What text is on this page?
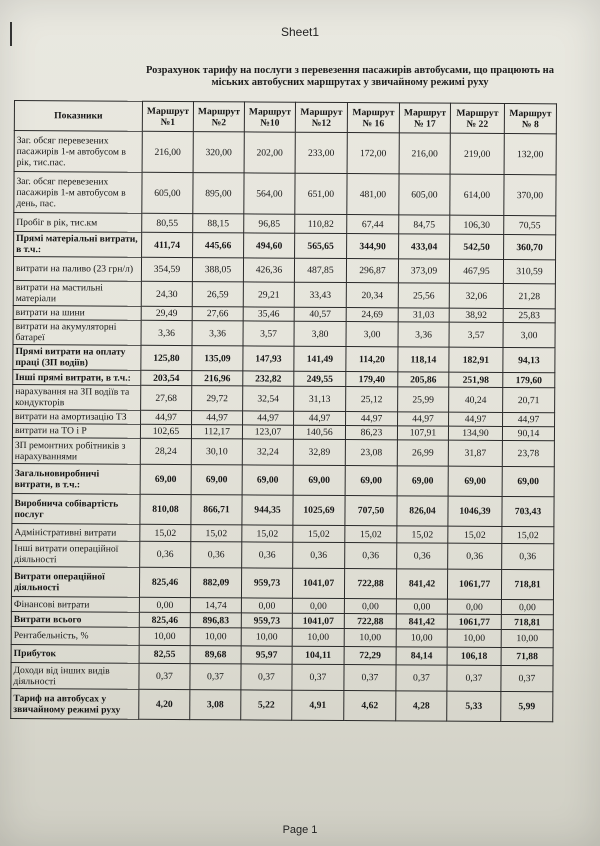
Sheet1
Розрахунок тарифу на послуги з перевезення пасажирів автобусами, що працюють на
міських автобусних маршрутах у звичайному режимі руху
Показники	Маршрут №1	Маршрут №2	Маршрут №10	Маршрут №12	Маршрут № 16	Маршрут № 17	Маршрут № 22	Маршрут № 8
Заг. обсяг перевезених пасажирів 1-м автобусом в рік, тис.пас.	216,00	320,00	202,00	233,00	172,00	216,00	219,00	132,00
Заг. обсяг перевезених пасажирів 1-м автобусом в день, пас.	605,00	895,00	564,00	651,00	481,00	605,00	614,00	370,00
Пробіг в рік, тис.км	80,55	88,15	96,85	110,82	67,44	84,75	106,30	70,55
Прямі матеріальні витрати, в т.ч.:	411,74	445,66	494,60	565,65	344,90	433,04	542,50	360,70
витрати на паливо (23 грн/л)	354,59	388,05	426,36	487,85	296,87	373,09	467,95	310,59
витрати на мастильні матеріали	24,30	26,59	29,21	33,43	20,34	25,56	32,06	21,28
витрати на шини	29,49	27,66	35,46	40,57	24,69	31,03	38,92	25,83
витрати на акумуляторні батареї	3,36	3,36	3,57	3,80	3,00	3,36	3,57	3,00
Прямі витрати на оплату праці (ЗП водіїв)	125,80	135,09	147,93	141,49	114,20	118,14	182,91	94,13
Інші прямі витрати, в т.ч.:	203,54	216,96	232,82	249,55	179,40	205,86	251,98	179,60
нарахування на ЗП водіїв та кондукторів	27,68	29,72	32,54	31,13	25,12	25,99	40,24	20,71
витрати на амортизацію ТЗ	44,97	44,97	44,97	44,97	44,97	44,97	44,97	44,97
витрати на ТО і Р	102,65	112,17	123,07	140,56	86,23	107,91	134,90	90,14
ЗП ремонтних робітників з нарахуваннями	28,24	30,10	32,24	32,89	23,08	26,99	31,87	23,78
Загальновиробничі витрати, в т.ч.:	69,00	69,00	69,00	69,00	69,00	69,00	69,00	69,00
Виробнича собівартість послуг	810,08	866,71	944,35	1025,69	707,50	826,04	1046,39	703,43
Адміністративні витрати	15,02	15,02	15,02	15,02	15,02	15,02	15,02	15,02
Інші витрати операційної діяльності	0,36	0,36	0,36	0,36	0,36	0,36	0,36	0,36
Витрати операційної діяльності	825,46	882,09	959,73	1041,07	722,88	841,42	1061,77	718,81
Фінансові витрати	0,00	14,74	0,00	0,00	0,00	0,00	0,00	0,00
Витрати всього	825,46	896,83	959,73	1041,07	722,88	841,42	1061,77	718,81
Рентабельність, %	10,00	10,00	10,00	10,00	10,00	10,00	10,00	10,00
Прибуток	82,55	89,68	95,97	104,11	72,29	84,14	106,18	71,88
Доходи від інших видів діяльності	0,37	0,37	0,37	0,37	0,37	0,37	0,37	0,37
Тариф на автобусах у звичайному режимі руху	4,20	3,08	5,22	4,91	4,62	4,28	5,33	5,99
Page 1
